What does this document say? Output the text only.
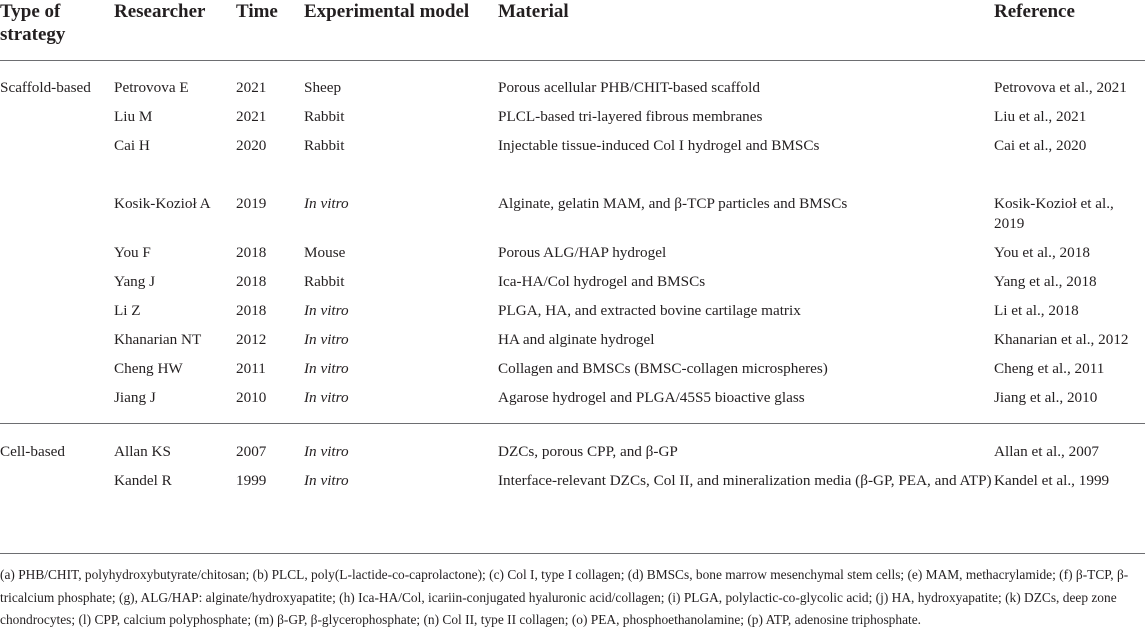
Type of strategy	Researcher	Time	Experimental model	Material	Reference
Scaffold-based	Petrovova E	2021	Sheep	Porous acellular PHB/CHIT-based scaffold	Petrovova et al., 2021
	Liu M	2021	Rabbit	PLCL-based tri-layered fibrous membranes	Liu et al., 2021
	Cai H	2020	Rabbit	Injectable tissue-induced Col I hydrogel and BMSCs	Cai et al., 2020
	Kosik-Kozioł A	2019	In vitro	Alginate, gelatin MAM, and β-TCP particles and BMSCs	Kosik-Kozioł et al., 2019
	You F	2018	Mouse	Porous ALG/HAP hydrogel	You et al., 2018
	Yang J	2018	Rabbit	Ica-HA/Col hydrogel and BMSCs	Yang et al., 2018
	Li Z	2018	In vitro	PLGA, HA, and extracted bovine cartilage matrix	Li et al., 2018
	Khanarian NT	2012	In vitro	HA and alginate hydrogel	Khanarian et al., 2012
	Cheng HW	2011	In vitro	Collagen and BMSCs (BMSC-collagen microspheres)	Cheng et al., 2011
	Jiang J	2010	In vitro	Agarose hydrogel and PLGA/45S5 bioactive glass	Jiang et al., 2010
Cell-based	Allan KS	2007	In vitro	DZCs, porous CPP, and β-GP	Allan et al., 2007
	Kandel R	1999	In vitro	Interface-relevant DZCs, Col II, and mineralization media (β-GP, PEA, and ATP)	Kandel et al., 1999
(a) PHB/CHIT, polyhydroxybutyrate/chitosan; (b) PLCL, poly(L-lactide-co-caprolactone); (c) Col I, type I collagen; (d) BMSCs, bone marrow mesenchymal stem cells; (e) MAM, methacrylamide; (f) β-TCP, β-tricalcium phosphate; (g), ALG/HAP: alginate/hydroxyapatite; (h) Ica-HA/Col, icariin-conjugated hyaluronic acid/collagen; (i) PLGA, polylactic-co-glycolic acid; (j) HA, hydroxyapatite; (k) DZCs, deep zone chondrocytes; (l) CPP, calcium polyphosphate; (m) β-GP, β-glycerophosphate; (n) Col II, type II collagen; (o) PEA, phosphoethanolamine; (p) ATP, adenosine triphosphate.
